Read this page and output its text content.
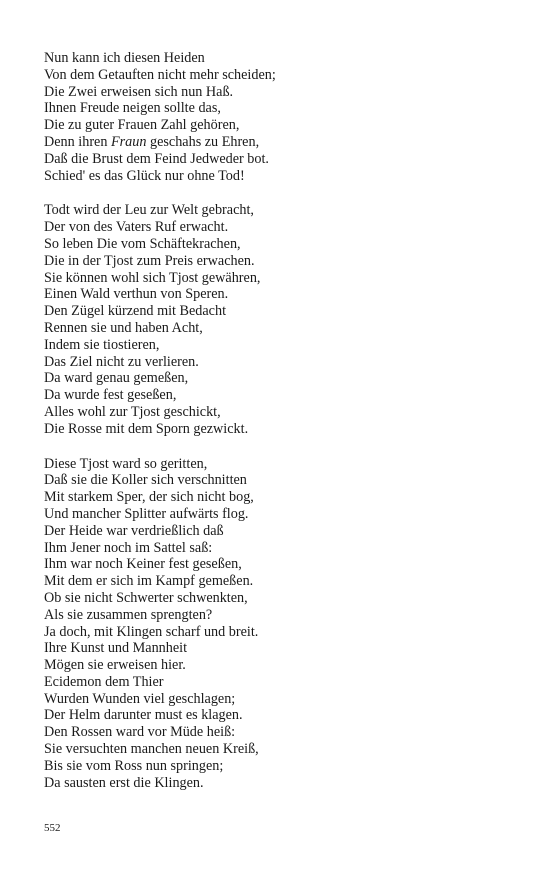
Nun kann ich diesen Heiden
Von dem Getauften nicht mehr scheiden;
Die Zwei erweisen sich nun Haß.
Ihnen Freude neigen sollte das,
Die zu guter Frauen Zahl gehören,
Denn ihren Fraun geschahs zu Ehren,
Daß die Brust dem Feind Jedweder bot.
Schied' es das Glück nur ohne Tod!
Todt wird der Leu zur Welt gebracht,
Der von des Vaters Ruf erwacht.
So leben Die vom Schäftekrachen,
Die in der Tjost zum Preis erwachen.
Sie können wohl sich Tjost gewähren,
Einen Wald verthun von Speren.
Den Zügel kürzend mit Bedacht
Rennen sie und haben Acht,
Indem sie tiostieren,
Das Ziel nicht zu verlieren.
Da ward genau gemeßen,
Da wurde fest geseßen,
Alles wohl zur Tjost geschickt,
Die Rosse mit dem Sporn gezwickt.
Diese Tjost ward so geritten,
Daß sie die Koller sich verschnitten
Mit starkem Sper, der sich nicht bog,
Und mancher Splitter aufwärts flog.
Der Heide war verdrießlich daß
Ihm Jener noch im Sattel saß:
Ihm war noch Keiner fest geseßen,
Mit dem er sich im Kampf gemeßen.
Ob sie nicht Schwerter schwenkten,
Als sie zusammen sprengten?
Ja doch, mit Klingen scharf und breit.
Ihre Kunst und Mannheit
Mögen sie erweisen hier.
Ecidemon dem Thier
Wurden Wunden viel geschlagen;
Der Helm darunter must es klagen.
Den Rossen ward vor Müde heiß:
Sie versuchten manchen neuen Kreiß,
Bis sie vom Ross nun springen;
Da sausten erst die Klingen.
552
